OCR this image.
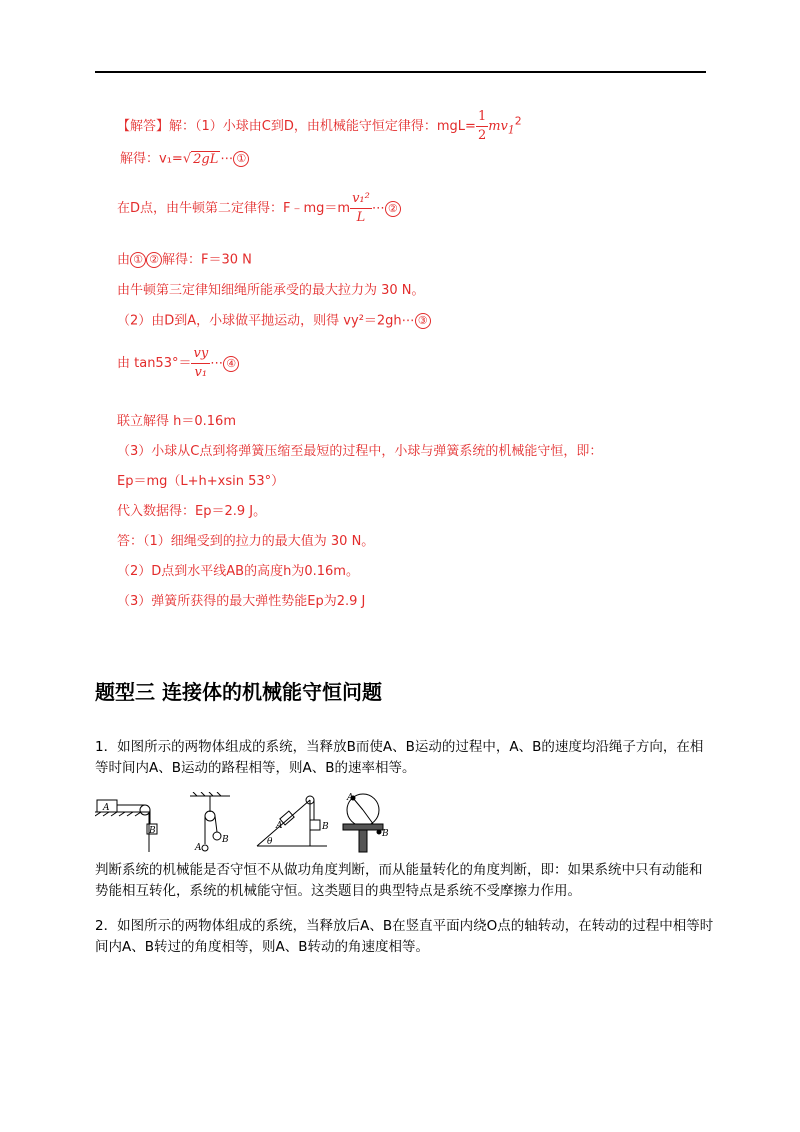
【解答】解：（1）小球由C到D，由机械能守恒定律得：$mgL= \frac{1}{2} mv_1^2$
解得：v₁=√ 2gL ⋯ ①
在D点，由牛顿第二定律得：F﹣mg＝m $\frac{\text{v₁²}}{L}$ ⋯ ②
由 ① ② 解得：F＝30 N
由牛顿第三定律知细绳所能承受的最大拉力为 30 N。
（2）由D到A，小球做平抛运动，则得 vy²＝2gh⋯ ③
由 $\tan 53^\circ= \frac{vy}{\text{v₁}}$ ⋯ ④
联立解得 h＝0.16m
（3）小球从C点到将弹簧压缩至最短的过程中，小球与弹簧系统的机械能守恒，即：
Ep＝mg（L+h+xsin 53°）
代入数据得：Ep＝2.9 J。
答：（1）细绳受到的拉力的最大值为 30 N。
（2）D点到水平线AB的高度h为0.16m。
（3）弹簧所获得的最大弹性势能Ep为2.9 J
题型三 连接体的机械能守恒问题
1．如图所示的两物体组成的系统，当释放B而使A、B运动的过程中，A、B的速度均沿绳子方向，在相等时间内A、B运动的路程相等，则A、B的速率相等。
A
B
A
B
A	B
θ
A
B
判断系统的机械能是否守恒不从做功角度判断，而从能量转化的角度判断，即：如果系统中只有动能和势能相互转化，系统的机械能守恒。这类题目的典型特点是系统不受摩擦力作用。
2．如图所示的两物体组成的系统，当释放后A、B在竖直平面内绕O点的轴转动，在转动的过程中相等时间内A、B转过的角度相等，则A、B转动的角速度相等。
